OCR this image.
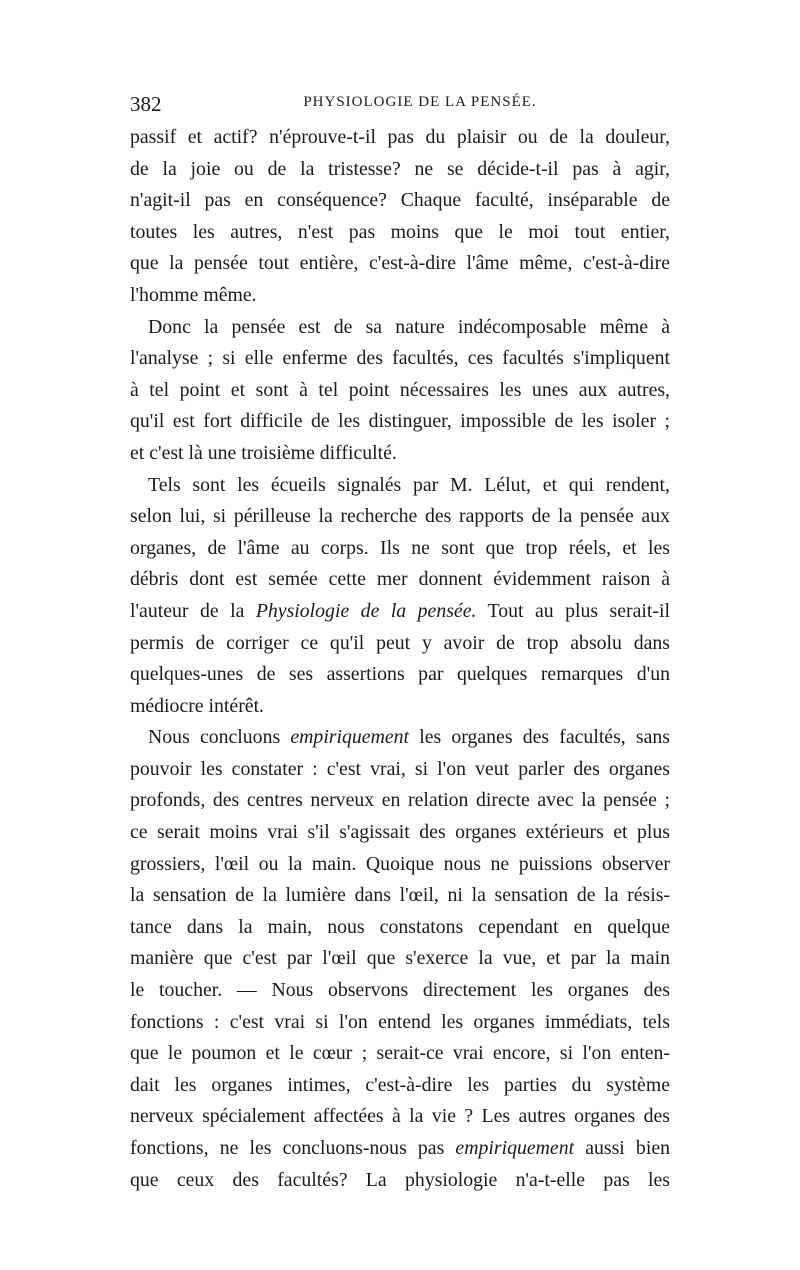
382	PHYSIOLOGIE DE LA PENSÉE.

passif et actif? n'éprouve-t-il pas du plaisir ou de la douleur,
de la joie ou de la tristesse? ne se décide-t-il pas à agir,
n'agit-il pas en conséquence? Chaque faculté, inséparable de
toutes les autres, n'est pas moins que le moi tout entier,
que la pensée tout entière, c'est-à-dire l'âme même, c'est-à-dire
l'homme même.

Donc la pensée est de sa nature indécomposable même à
l'analyse ; si elle enferme des facultés, ces facultés s'impliquent
à tel point et sont à tel point nécessaires les unes aux autres,
qu'il est fort difficile de les distinguer, impossible de les isoler ;
et c'est là une troisième difficulté.

Tels sont les écueils signalés par M. Lélut, et qui rendent,
selon lui, si périlleuse la recherche des rapports de la pensée aux
organes, de l'âme au corps. Ils ne sont que trop réels, et les
débris dont est semée cette mer donnent évidemment raison à
l'auteur de la Physiologie de la pensée. Tout au plus serait-il
permis de corriger ce qu'il peut y avoir de trop absolu dans
quelques-unes de ses assertions par quelques remarques d'un
médiocre intérêt.

Nous concluons empiriquement les organes des facultés, sans
pouvoir les constater : c'est vrai, si l'on veut parler des organes
profonds, des centres nerveux en relation directe avec la pensée ;
ce serait moins vrai s'il s'agissait des organes extérieurs et plus
grossiers, l'œil ou la main. Quoique nous ne puissions observer
la sensation de la lumière dans l'œil, ni la sensation de la résis-
tance dans la main, nous constatons cependant en quelque
manière que c'est par l'œil que s'exerce la vue, et par la main
le toucher. — Nous observons directement les organes des
fonctions : c'est vrai si l'on entend les organes immédiats, tels
que le poumon et le cœur ; serait-ce vrai encore, si l'on enten-
dait les organes intimes, c'est-à-dire les parties du système
nerveux spécialement affectées à la vie ? Les autres organes des
fonctions, ne les concluons-nous pas empiriquement aussi bien
que ceux des facultés? La physiologie n'a-t-elle pas les
